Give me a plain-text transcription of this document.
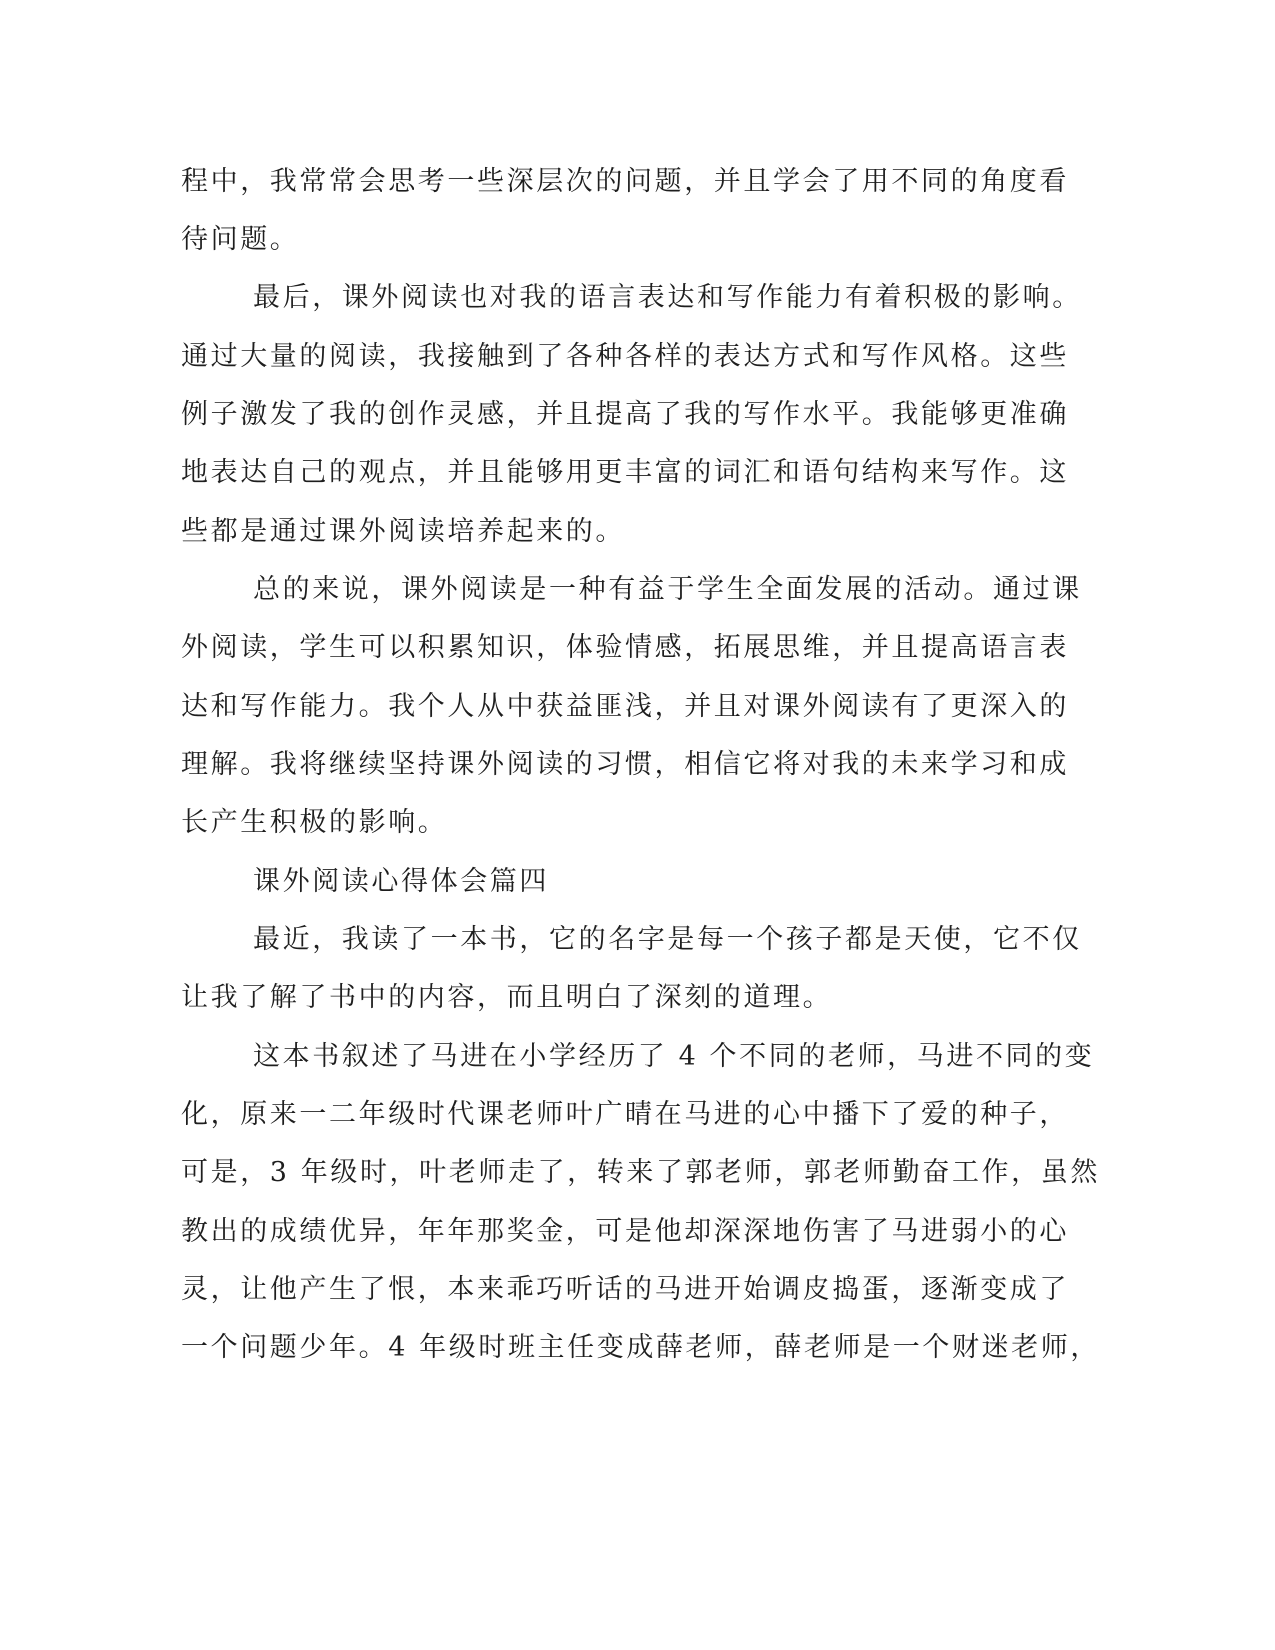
程中，我常常会思考一些深层次的问题，并且学会了用不同的角度看
待问题。
最后，课外阅读也对我的语言表达和写作能力有着积极的影响。
通过大量的阅读，我接触到了各种各样的表达方式和写作风格。这些
例子激发了我的创作灵感，并且提高了我的写作水平。我能够更准确
地表达自己的观点，并且能够用更丰富的词汇和语句结构来写作。这
些都是通过课外阅读培养起来的。
总的来说，课外阅读是一种有益于学生全面发展的活动。通过课
外阅读，学生可以积累知识，体验情感，拓展思维，并且提高语言表
达和写作能力。我个人从中获益匪浅，并且对课外阅读有了更深入的
理解。我将继续坚持课外阅读的习惯，相信它将对我的未来学习和成
长产生积极的影响。
课外阅读心得体会篇四
最近，我读了一本书，它的名字是每一个孩子都是天使，它不仅
让我了解了书中的内容，而且明白了深刻的道理。
这本书叙述了马进在小学经历了 4 个不同的老师，马进不同的变
化，原来一二年级时代课老师叶广晴在马进的心中播下了爱的种子，
可是，3 年级时，叶老师走了，转来了郭老师，郭老师勤奋工作，虽然
教出的成绩优异，年年那奖金，可是他却深深地伤害了马进弱小的心
灵，让他产生了恨，本来乖巧听话的马进开始调皮捣蛋，逐渐变成了
一个问题少年。4 年级时班主任变成薛老师，薛老师是一个财迷老师，
